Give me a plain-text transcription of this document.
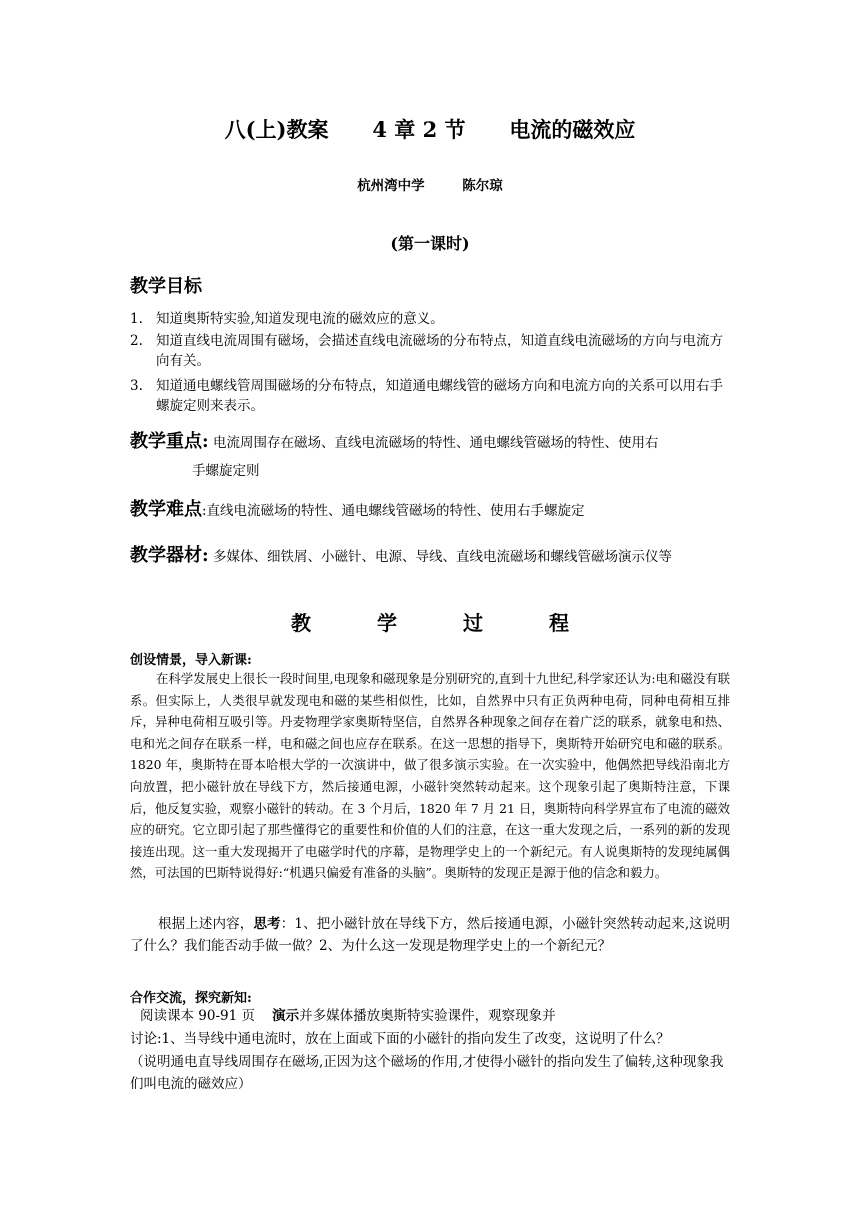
八(上)教案      4 章 2 节      电流的磁效应
杭州湾中学        陈尔琼
(第一课时)
教学目标
1. 知道奥斯特实验,知道发现电流的磁效应的意义。
2. 知道直线电流周围有磁场，会描述直线电流磁场的分布特点，知道直线电流磁场的方向与电流方向有关。
3. 知道通电螺线管周围磁场的分布特点，知道通电螺线管的磁场方向和电流方向的关系可以用右手螺旋定则来表示。
教学重点: 电流周围存在磁场、直线电流磁场的特性、通电螺线管磁场的特性、使用右
手螺旋定则
教学难点:直线电流磁场的特性、通电螺线管磁场的特性、使用右手螺旋定
教学器材: 多媒体、细铁屑、小磁针、电源、导线、直线电流磁场和螺线管磁场演示仪等
教	学	过	程
创设情景，导入新课:
在科学发展史上很长一段时间里,电现象和磁现象是分别研究的,直到十九世纪,科学家还认为:电和磁没有联系。但实际上，人类很早就发现电和磁的某些相似性，比如，自然界中只有正负两种电荷，同种电荷相互排斥，异种电荷相互吸引等。丹麦物理学家奥斯特坚信，自然界各种现象之间存在着广泛的联系，就象电和热、电和光之间存在联系一样，电和磁之间也应存在联系。在这一思想的指导下，奥斯特开始研究电和磁的联系。1820 年，奥斯特在哥本哈根大学的一次演讲中，做了很多演示实验。在一次实验中，他偶然把导线沿南北方向放置，把小磁针放在导线下方，然后接通电源，小磁针突然转动起来。这个现象引起了奥斯特注意，下课后，他反复实验，观察小磁针的转动。在 3 个月后，1820 年 7 月 21 日，奥斯特向科学界宣布了电流的磁效应的研究。它立即引起了那些懂得它的重要性和价值的人们的注意，在这一重大发现之后，一系列的新的发现接连出现。这一重大发现揭开了电磁学时代的序幕，是物理学史上的一个新纪元。有人说奥斯特的发现纯属偶然，可法国的巴斯特说得好:“机遇只偏爱有准备的头脑”。奥斯特的发现正是源于他的信念和毅力。
根据上述内容，思考：1、把小磁针放在导线下方，然后接通电源，小磁针突然转动起来,这说明了什么？我们能否动手做一做？2、为什么这一发现是物理学史上的一个新纪元？
合作交流，探究新知:
阅读课本 90-91 页    演示并多媒体播放奥斯特实验课件，观察现象并
讨论:1、当导线中通电流时，放在上面或下面的小磁针的指向发生了改变，这说明了什么？
（说明通电直导线周围存在磁场,正因为这个磁场的作用,才使得小磁针的指向发生了偏转,这种现象我们叫电流的磁效应）
